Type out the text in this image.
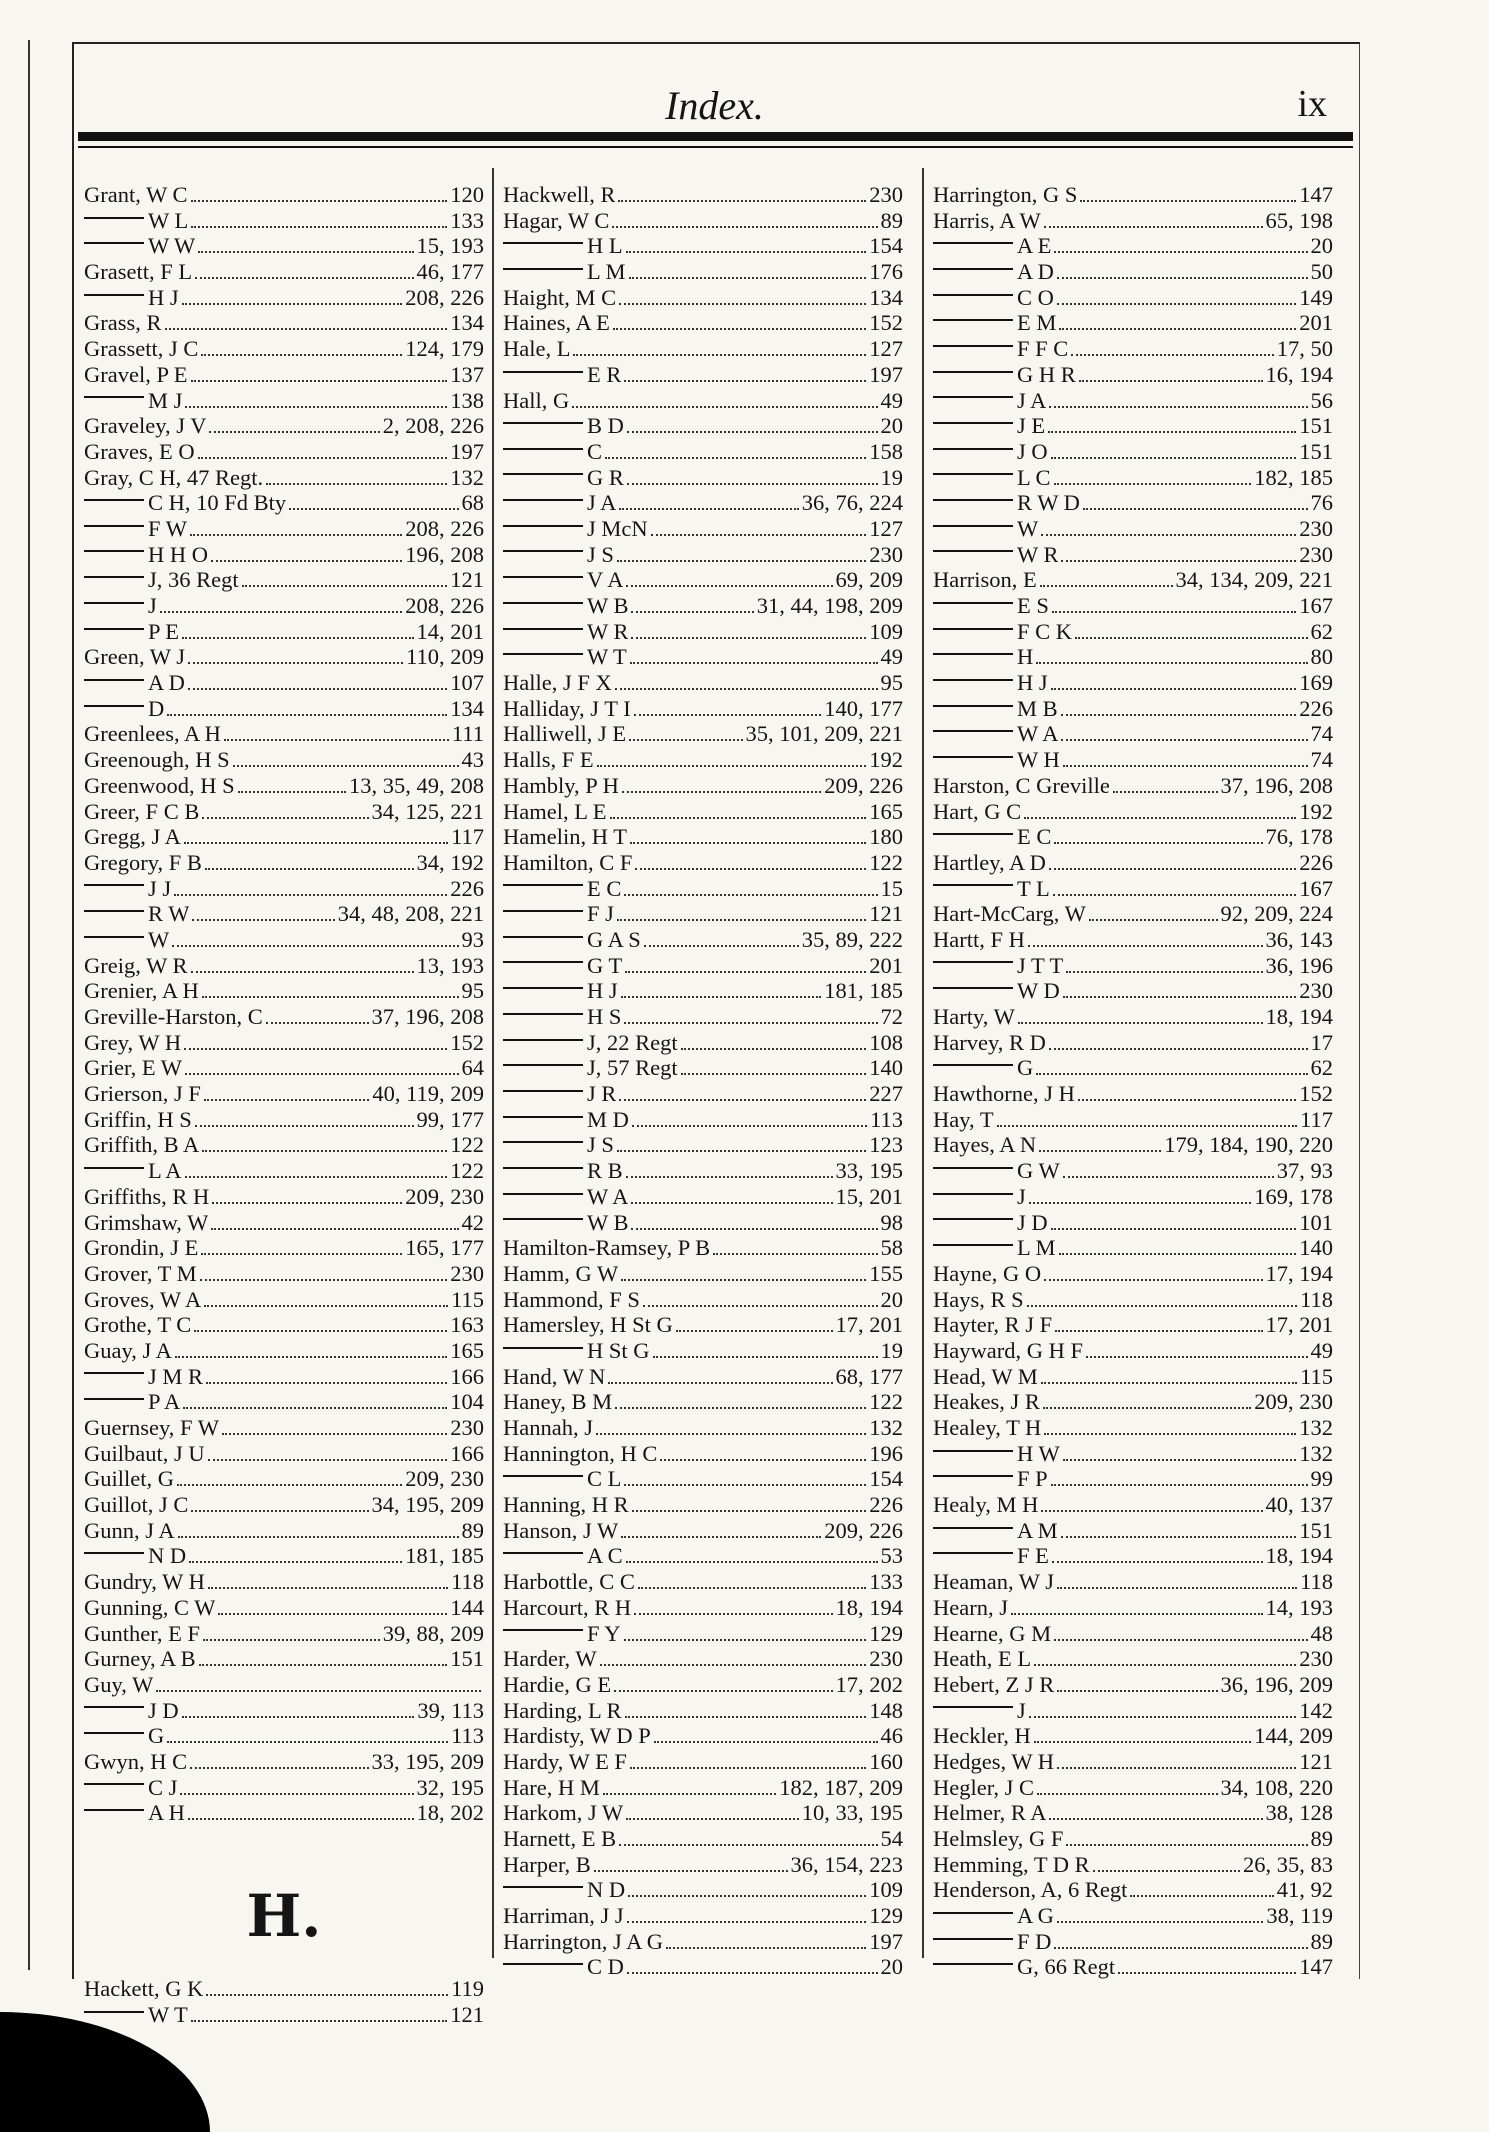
Index.	ix
Grant, W C	120
W L	133
W W	15, 193
Grasett, F L	46, 177
H J	208, 226
Grass, R	134
Grassett, J C	124, 179
Gravel, P E	137
M J	138
Graveley, J V	2, 208, 226
Graves, E O	197
Gray, C H, 47 Regt.	132
C H, 10 Fd Bty	68
F W	208, 226
H H O	196, 208
J, 36 Regt	121
J	208, 226
P E	14, 201
Green, W J	110, 209
A D	107
D	134
Greenlees, A H	111
Greenough, H S	43
Greenwood, H S	13, 35, 49, 208
Greer, F C B	34, 125, 221
Gregg, J A	117
Gregory, F B	34, 192
J J	226
R W	34, 48, 208, 221
W	93
Greig, W R	13, 193
Grenier, A H	95
Greville-Harston, C	37, 196, 208
Grey, W H	152
Grier, E W	64
Grierson, J F	40, 119, 209
Griffin, H S	99, 177
Griffith, B A	122
L A	122
Griffiths, R H	209, 230
Grimshaw, W	42
Grondin, J E	165, 177
Grover, T M	230
Groves, W A	115
Grothe, T C	163
Guay, J A	165
J M R	166
P A	104
Guernsey, F W	230
Guilbaut, J U	166
Guillet, G	209, 230
Guillot, J C	34, 195, 209
Gunn, J A	89
N D	181, 185
Gundry, W H	118
Gunning, C W	144
Gunther, E F	39, 88, 209
Gurney, A B	151
Guy, W
J D	39, 113
G	113
Gwyn, H C	33, 195, 209
C J	32, 195
A H	18, 202
H.
Hackett, G K	119
W T	121
Hackwell, R	230
Hagar, W C	89
H L	154
L M	176
Haight, M C	134
Haines, A E	152
Hale, L	127
E R	197
Hall, G	49
B D	20
C	158
G R	19
J A	36, 76, 224
J McN	127
J S	230
V A	69, 209
W B	31, 44, 198, 209
W R	109
W T	49
Halle, J F X	95
Halliday, J T I	140, 177
Halliwell, J E	35, 101, 209, 221
Halls, F E	192
Hambly, P H	209, 226
Hamel, L E	165
Hamelin, H T	180
Hamilton, C F	122
E C	15
F J	121
G A S	35, 89, 222
G T	201
H J	181, 185
H S	72
J, 22 Regt	108
J, 57 Regt	140
J R	227
M D	113
J S	123
R B	33, 195
W A	15, 201
W B	98
Hamilton-Ramsey, P B	58
Hamm, G W	155
Hammond, F S	20
Hamersley, H St G	17, 201
H St G	19
Hand, W N	68, 177
Haney, B M	122
Hannah, J	132
Hannington, H C	196
C L	154
Hanning, H R	226
Hanson, J W	209, 226
A C	53
Harbottle, C C	133
Harcourt, R H	18, 194
F Y	129
Harder, W	230
Hardie, G E	17, 202
Harding, L R	148
Hardisty, W D P	46
Hardy, W E F	160
Hare, H M	182, 187, 209
Harkom, J W	10, 33, 195
Harnett, E B	54
Harper, B	36, 154, 223
N D	109
Harriman, J J	129
Harrington, J A G	197
C D	20
Harrington, G S	147
Harris, A W	65, 198
A E	20
A D	50
C O	149
E M	201
F F C	17, 50
G H R	16, 194
J A	56
J E	151
J O	151
L C	182, 185
R W D	76
W	230
W R	230
Harrison, E	34, 134, 209, 221
E S	167
F C K	62
H	80
H J	169
M B	226
W A	74
W H	74
Harston, C Greville	37, 196, 208
Hart, G C	192
E C	76, 178
Hartley, A D	226
T L	167
Hart-McCarg, W	92, 209, 224
Hartt, F H	36, 143
J T T	36, 196
W D	230
Harty, W	18, 194
Harvey, R D	17
G	62
Hawthorne, J H	152
Hay, T	117
Hayes, A N	179, 184, 190, 220
G W	37, 93
J	169, 178
J D	101
L M	140
Hayne, G O	17, 194
Hays, R S	118
Hayter, R J F	17, 201
Hayward, G H F	49
Head, W M	115
Heakes, J R	209, 230
Healey, T H	132
H W	132
F P	99
Healy, M H	40, 137
A M	151
F E	18, 194
Heaman, W J	118
Hearn, J	14, 193
Hearne, G M	48
Heath, E L	230
Hebert, Z J R	36, 196, 209
J	142
Heckler, H	144, 209
Hedges, W H	121
Hegler, J C	34, 108, 220
Helmer, R A	38, 128
Helmsley, G F	89
Hemming, T D R	26, 35, 83
Henderson, A, 6 Regt	41, 92
A G	38, 119
F D	89
G, 66 Regt	147
